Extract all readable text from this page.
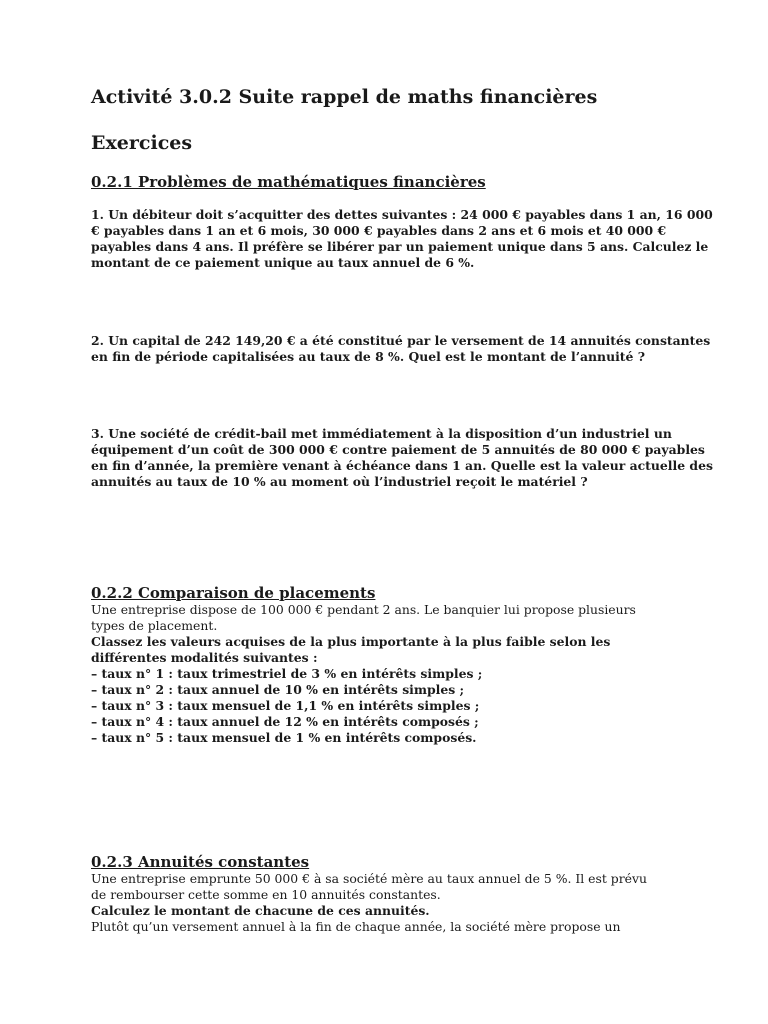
Activité 3.0.2 Suite rappel de maths financières
Exercices
0.2.1 Problèmes de mathématiques financières
1. Un débiteur doit s’acquitter des dettes suivantes : 24 000 € payables dans 1 an, 16 000
€ payables dans 1 an et 6 mois, 30 000 € payables dans 2 ans et 6 mois et 40 000 €
payables dans 4 ans. Il préfère se libérer par un paiement unique dans 5 ans. Calculez le
montant de ce paiement unique au taux annuel de 6 %.
2. Un capital de 242 149,20 € a été constitué par le versement de 14 annuités constantes
en fin de période capitalisées au taux de 8 %. Quel est le montant de l’annuité ?
3. Une société de crédit-bail met immédiatement à la disposition d’un industriel un
équipement d’un coût de 300 000 € contre paiement de 5 annuités de 80 000 € payables
en fin d’année, la première venant à échéance dans 1 an. Quelle est la valeur actuelle des
annuités au taux de 10 % au moment où l’industriel reçoit le matériel ?
0.2.2 Comparaison de placements
Une entreprise dispose de 100 000 € pendant 2 ans. Le banquier lui propose plusieurs
types de placement.
Classez les valeurs acquises de la plus importante à la plus faible selon les
différentes modalités suivantes :
– taux n° 1 : taux trimestriel de 3 % en intérêts simples ;
– taux n° 2 : taux annuel de 10 % en intérêts simples ;
– taux n° 3 : taux mensuel de 1,1 % en intérêts simples ;
– taux n° 4 : taux annuel de 12 % en intérêts composés ;
– taux n° 5 : taux mensuel de 1 % en intérêts composés.
0.2.3 Annuités constantes
Une entreprise emprunte 50 000 € à sa société mère au taux annuel de 5 %. Il est prévu
de rembourser cette somme en 10 annuités constantes.
Calculez le montant de chacune de ces annuités.
Plutôt qu’un versement annuel à la fin de chaque année, la société mère propose un
